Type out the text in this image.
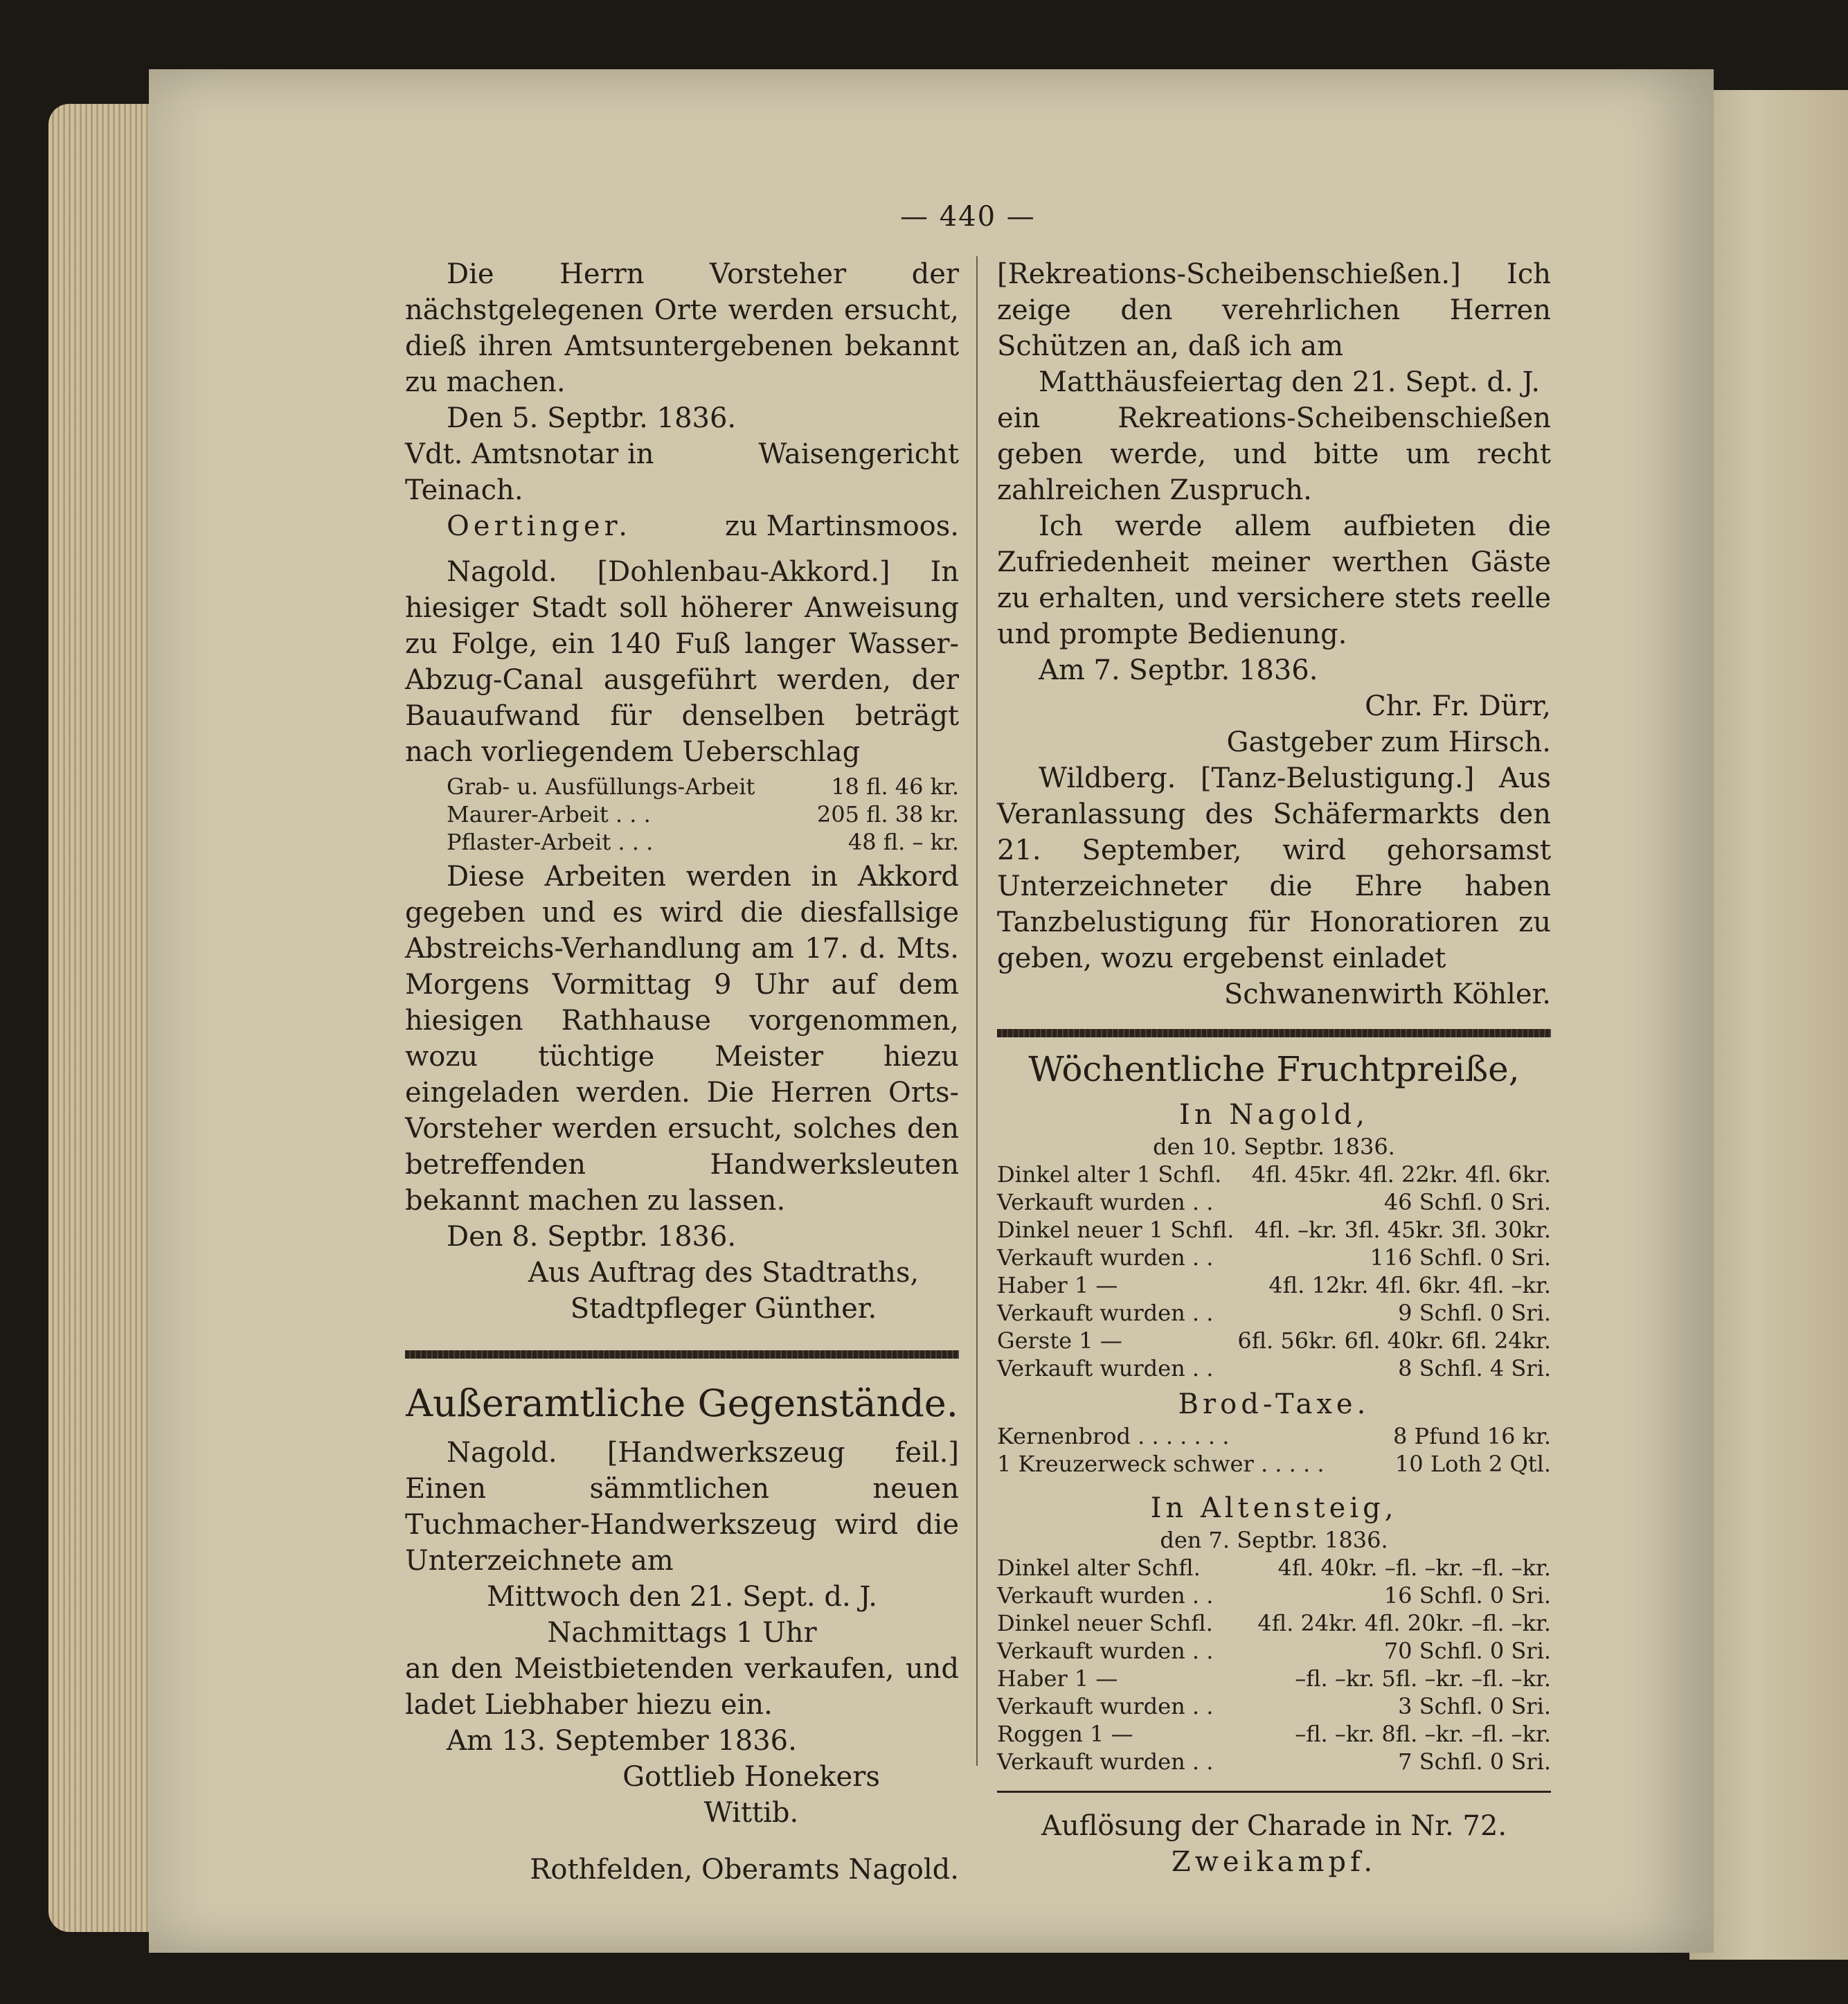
— 440 —

Die Herrn Vorsteher der nächstgelegenen Orte werden ersucht, dieß ihren Amtsuntergebenen bekannt zu machen.

Den 5. Septbr. 1836.

Vdt. Amtsnotar in Teinach.
Waisengericht
Oertinger.	zu Martinsmoos.

Nagold. [Dohlenbau-Akkord.] In hiesiger Stadt soll höherer Anweisung zu Folge, ein 140 Fuß langer Wasser-Abzug-Canal ausgeführt werden, der Bauaufwand für denselben beträgt nach vorliegendem Ueberschlag

Grab- u. Ausfüllungs-Arbeit	18 fl. 46 kr.
Maurer-Arbeit . . .	205 fl. 38 kr.
Pflaster-Arbeit . . .	48 fl. – kr.

Diese Arbeiten werden in Akkord gegeben und es wird die diesfallsige Abstreichs-Verhandlung am 17. d. Mts. Morgens Vormittag 9 Uhr auf dem hiesigen Rathhause vorgenommen, wozu tüchtige Meister hiezu eingeladen werden. Die Herren Orts-Vorsteher werden ersucht, solches den betreffenden Handwerksleuten bekannt machen zu lassen.

Den 8. Septbr. 1836.

Aus Auftrag des Stadtraths,

Stadtpfleger Günther.

Außeramtliche Gegenstände.

Nagold. [Handwerkszeug feil.] Einen sämmtlichen neuen Tuchmacher-Handwerkszeug wird die Unterzeichnete am

Mittwoch den 21. Sept. d. J.

Nachmittags 1 Uhr

an den Meistbietenden verkaufen, und ladet Liebhaber hiezu ein.

Am 13. September 1836.

Gottlieb Honekers

Wittib.

Rothfelden, Oberamts Nagold.

[Rekreations-Scheibenschießen.] Ich zeige den verehrlichen Herren Schützen an, daß ich am

Matthäusfeiertag den 21. Sept. d. J.

ein Rekreations-Scheibenschießen geben werde, und bitte um recht zahlreichen Zuspruch.

Ich werde allem aufbieten die Zufriedenheit meiner werthen Gäste zu erhalten, und versichere stets reelle und prompte Bedienung.

Am 7. Septbr. 1836.

Chr. Fr. Dürr,

Gastgeber zum Hirsch.

Wildberg. [Tanz-Belustigung.] Aus Veranlassung des Schäfermarkts den 21. September, wird gehorsamst Unterzeichneter die Ehre haben Tanzbelustigung für Honoratioren zu geben, wozu ergebenst einladet

Schwanenwirth Köhler.

Wöchentliche Fruchtpreiße,
In Nagold,
den 10. Septbr. 1836.
Dinkel alter 1 Schfl. 4fl. 45kr. 4fl. 22kr. 4fl. 6kr.
Verkauft wurden . .	46 Schfl. 0 Sri.
Dinkel neuer 1 Schfl. 4fl. –kr. 3fl. 45kr. 3fl. 30kr.
Verkauft wurden . .	116 Schfl. 0 Sri.
Haber 1 —	4fl. 12kr. 4fl. 6kr. 4fl. –kr.
Verkauft wurden . .	9 Schfl. 0 Sri.
Gerste 1 —	6fl. 56kr. 6fl. 40kr. 6fl. 24kr.
Verkauft wurden . .	8 Schfl. 4 Sri.
Brod-Taxe.
Kernenbrod . . . . . . .	8 Pfund 16 kr.
1 Kreuzerweck schwer . . . . .	10 Loth 2 Qtl.
In Altensteig,
den 7. Septbr. 1836.
Dinkel alter Schfl.	4fl. 40kr. –fl. –kr. –fl. –kr.
Verkauft wurden . .	16 Schfl. 0 Sri.
Dinkel neuer Schfl. 4fl. 24kr. 4fl. 20kr. –fl. –kr.
Verkauft wurden . .	70 Schfl. 0 Sri.
Haber 1 —	–fl. –kr. 5fl. –kr. –fl. –kr.
Verkauft wurden . .	3 Schfl. 0 Sri.
Roggen 1 —	–fl. –kr. 8fl. –kr. –fl. –kr.
Verkauft wurden . .	7 Schfl. 0 Sri.

Auflösung der Charade in Nr. 72.

Zweikampf.
